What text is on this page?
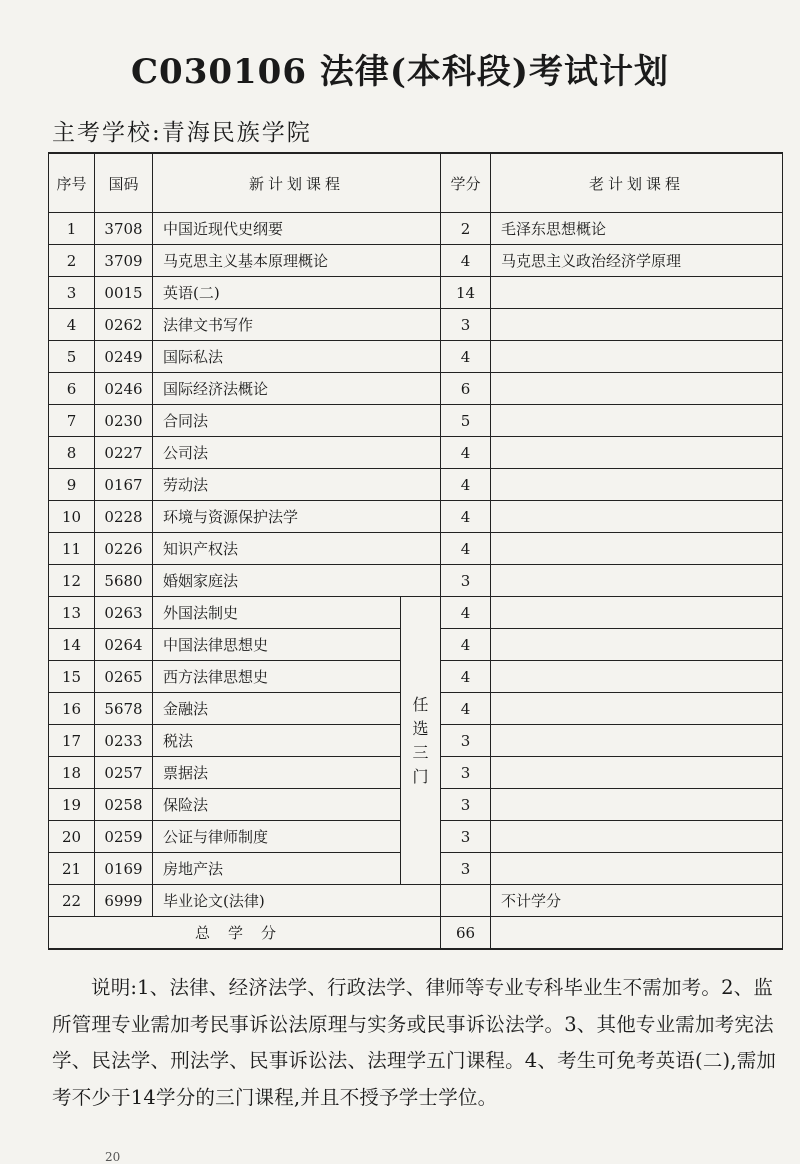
C030106 法律(本科段)考试计划
主考学校:青海民族学院
序号	国码	新计划课程		学分	老计划课程
1	3708	中国近现代史纲要		2	毛泽东思想概论
2	3709	马克思主义基本原理概论		4	马克思主义政治经济学原理
3	0015	英语(二)		14	
4	0262	法律文书写作		3	
5	0249	国际私法		4	
6	0246	国际经济法概论		6	
7	0230	合同法		5	
8	0227	公司法		4	
9	0167	劳动法		4	
10	0228	环境与资源保护法学		4	
11	0226	知识产权法		4	
12	5680	婚姻家庭法		3	
13	0263	外国法制史	任选三门	4	
14	0264	中国法律思想史		4	
15	0265	西方法律思想史		4	
16	5678	金融法		4	
17	0233	税法		3	
18	0257	票据法		3	
19	0258	保险法		3	
20	0259	公证与律师制度		3	
21	0169	房地产法		3	
22	6999	毕业论文(法律)			不计学分
总学分				66	

说明:1、法律、经济法学、行政法学、律师等专业专科毕业生不需加考。2、监所管理专业需加考民事诉讼法原理与实务或民事诉讼法学。3、其他专业需加考宪法学、民法学、刑法学、民事诉讼法、法理学五门课程。4、考生可免考英语(二),需加考不少于14学分的三门课程,并且不授予学士学位。

20
